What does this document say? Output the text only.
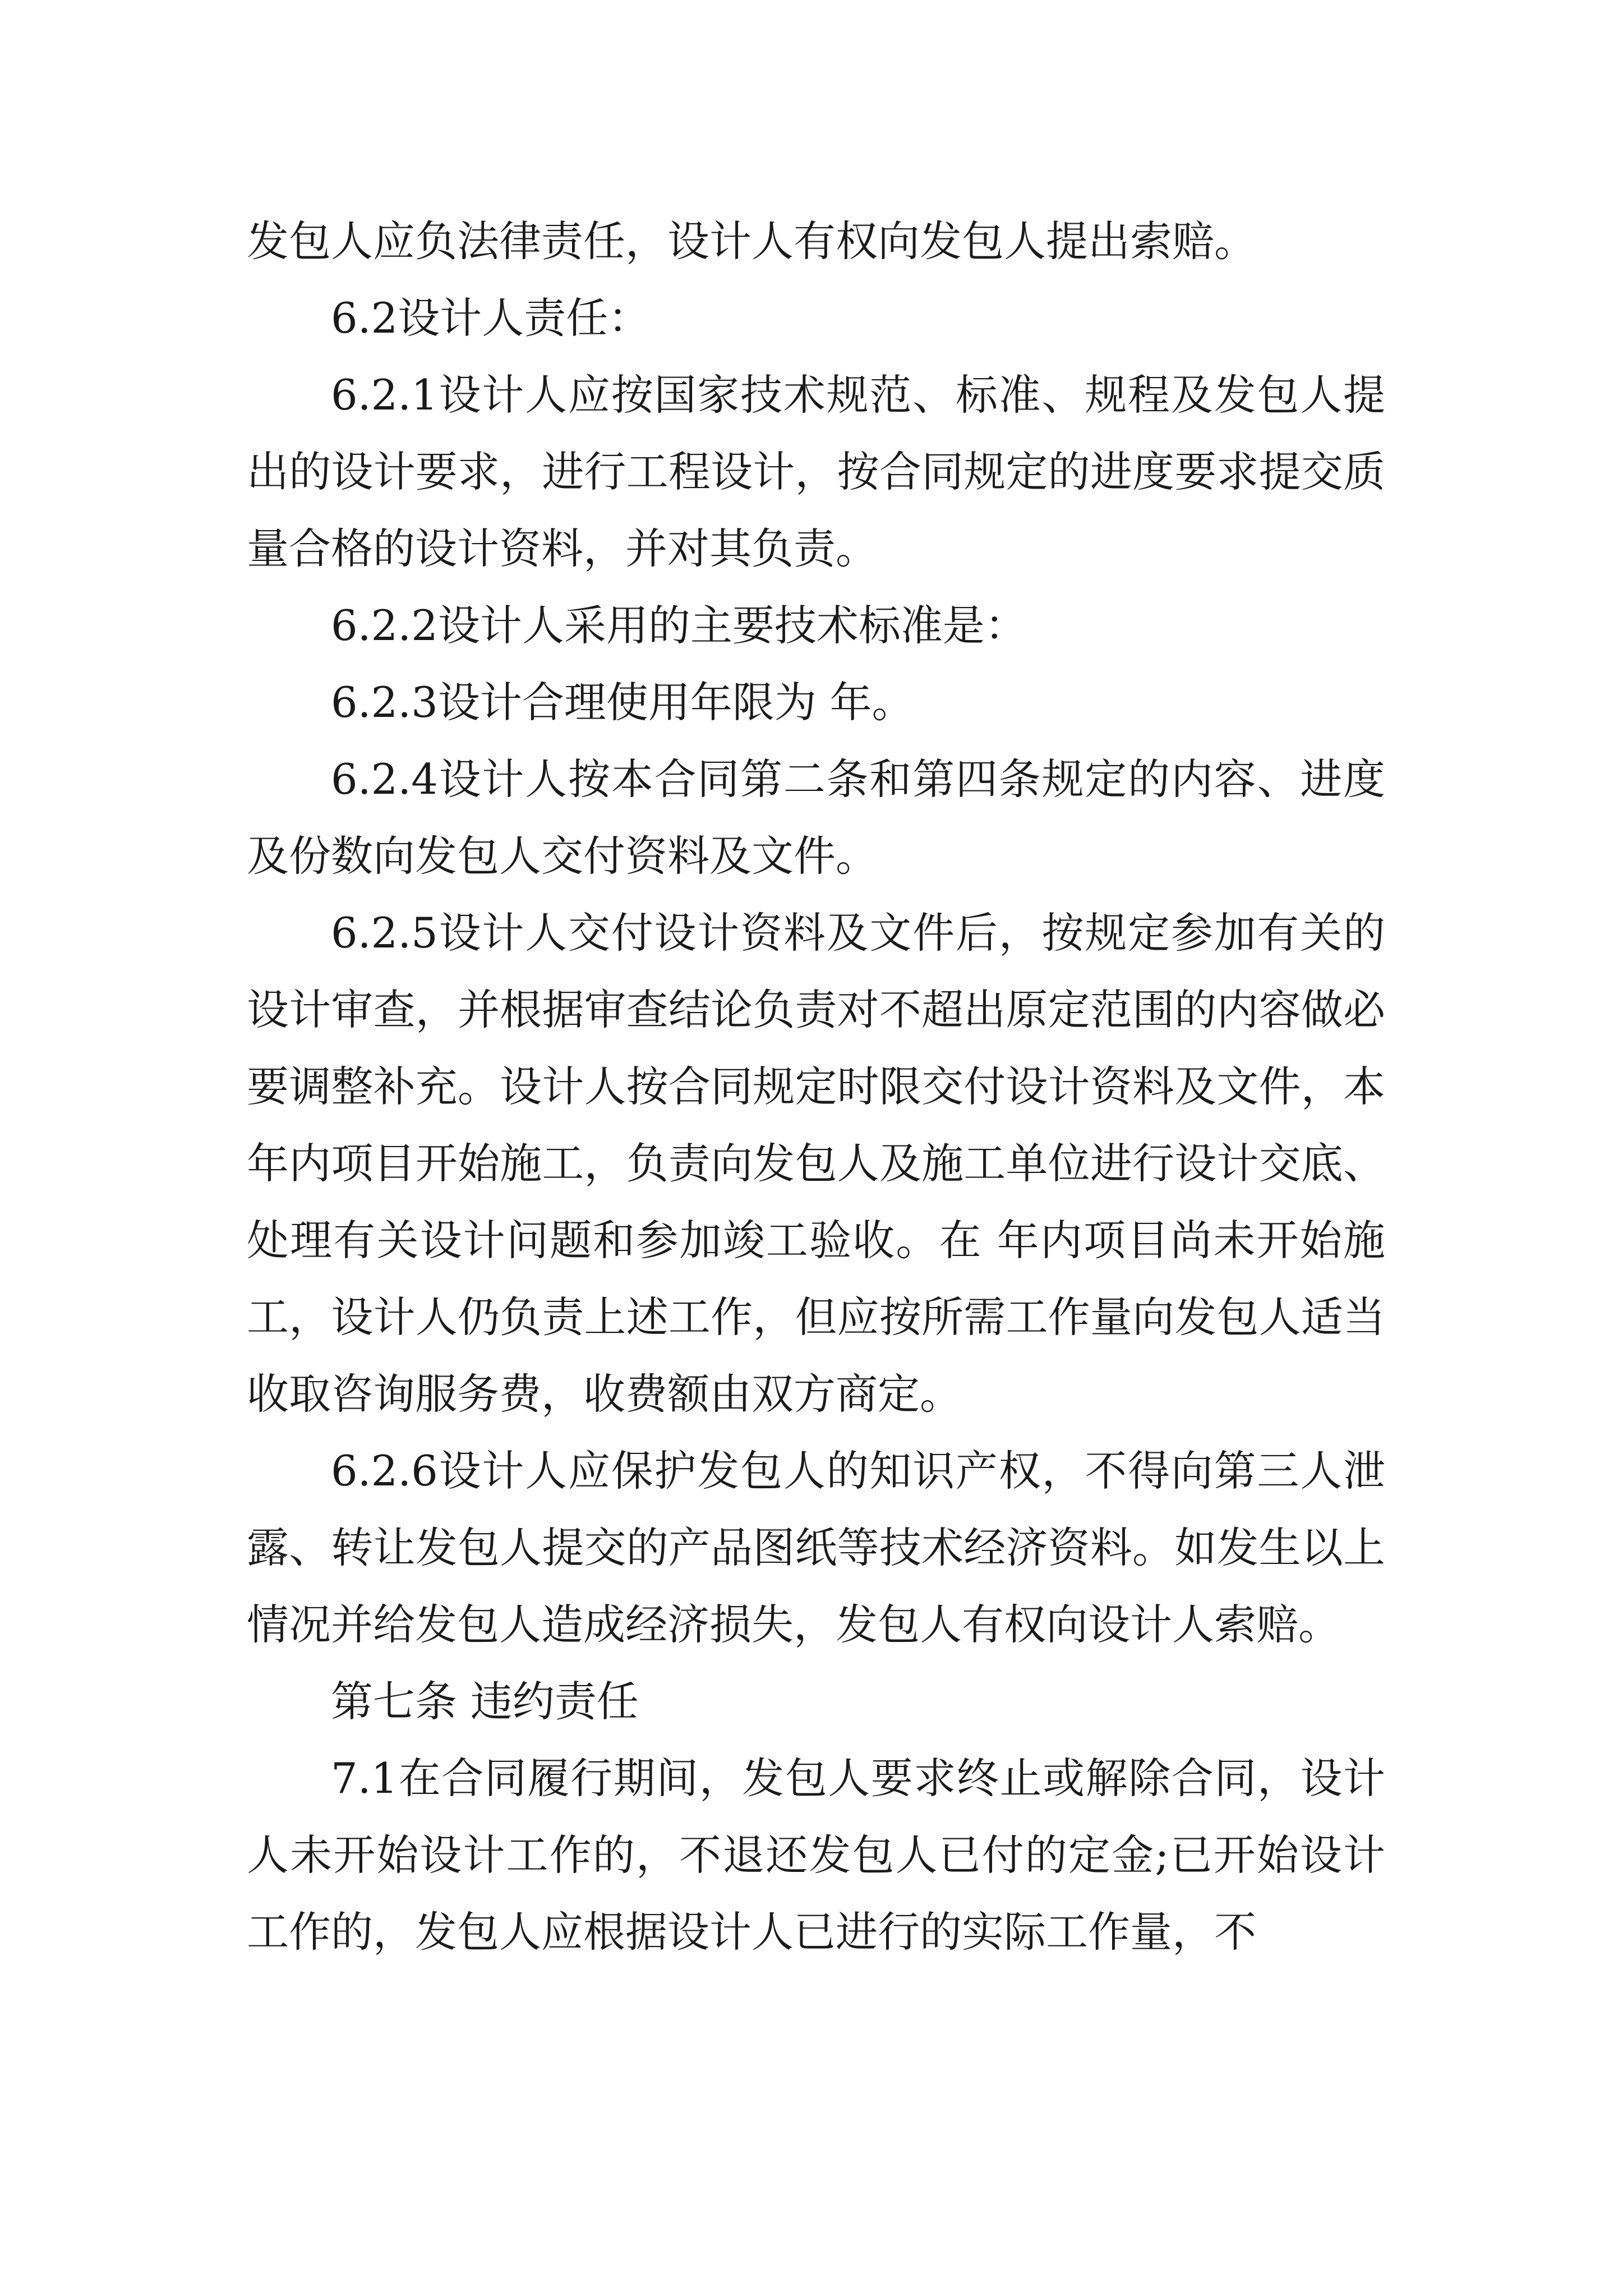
发包人应负法律责任，设计人有权向发包人提出索赔。

6.2设计人责任：

6.2.1设计人应按国家技术规范、标准、规程及发包人提出的设计要求，进行工程设计，按合同规定的进度要求提交质量合格的设计资料，并对其负责。

6.2.2设计人采用的主要技术标准是：

6.2.3设计合理使用年限为 年。

6.2.4设计人按本合同第二条和第四条规定的内容、进度及份数向发包人交付资料及文件。

6.2.5设计人交付设计资料及文件后，按规定参加有关的设计审查，并根据审查结论负责对不超出原定范围的内容做必要调整补充。设计人按合同规定时限交付设计资料及文件，本年内项目开始施工，负责向发包人及施工单位进行设计交底、处理有关设计问题和参加竣工验收。在 年内项目尚未开始施工，设计人仍负责上述工作，但应按所需工作量向发包人适当收取咨询服务费，收费额由双方商定。

6.2.6设计人应保护发包人的知识产权，不得向第三人泄露、转让发包人提交的产品图纸等技术经济资料。如发生以上情况并给发包人造成经济损失，发包人有权向设计人索赔。

第七条 违约责任

7.1在合同履行期间，发包人要求终止或解除合同，设计人未开始设计工作的，不退还发包人已付的定金;已开始设计工作的，发包人应根据设计人已进行的实际工作量，不
